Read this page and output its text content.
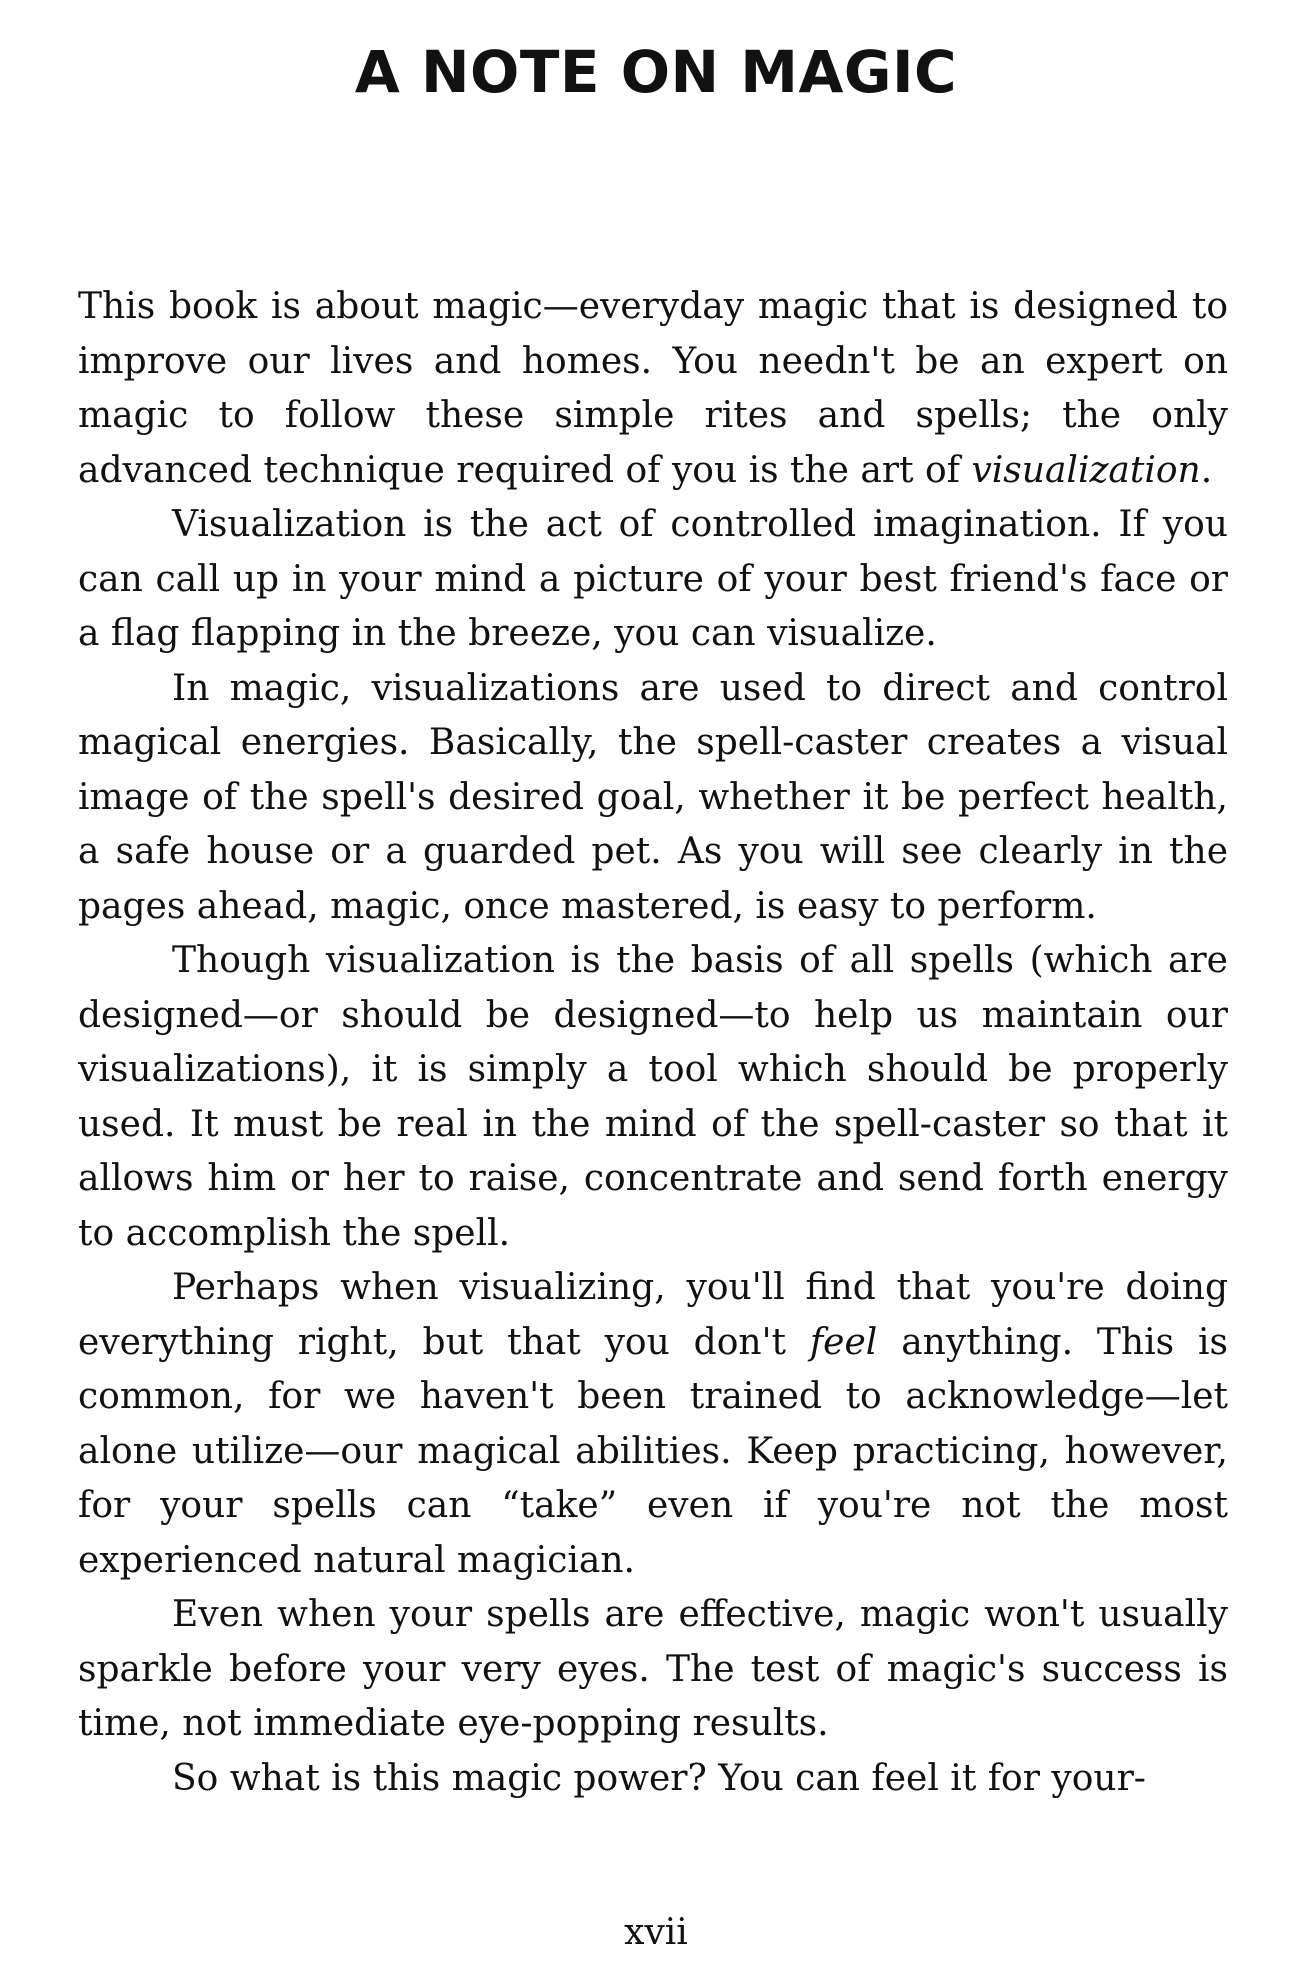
A NOTE ON MAGIC

This book is about magic—everyday magic that is designed to improve our lives and homes. You needn't be an expert on magic to follow these simple rites and spells; the only advanced technique required of you is the art of visualization.

Visualization is the act of controlled imagination. If you can call up in your mind a picture of your best friend's face or a flag flapping in the breeze, you can visualize.

In magic, visualizations are used to direct and control magical energies. Basically, the spell-caster creates a visual image of the spell's desired goal, whether it be perfect health, a safe house or a guarded pet. As you will see clearly in the pages ahead, magic, once mastered, is easy to perform.

Though visualization is the basis of all spells (which are designed—or should be designed—to help us maintain our visualizations), it is simply a tool which should be properly used. It must be real in the mind of the spell-caster so that it allows him or her to raise, concentrate and send forth energy to accomplish the spell.

Perhaps when visualizing, you'll find that you're doing everything right, but that you don't feel anything. This is common, for we haven't been trained to acknowledge—let alone utilize—our magical abilities. Keep practicing, however, for your spells can “take” even if you're not the most experienced natural magician.

Even when your spells are effective, magic won't usually sparkle before your very eyes. The test of magic's success is time, not immediate eye-popping results.

So what is this magic power? You can feel it for your-

xvii
